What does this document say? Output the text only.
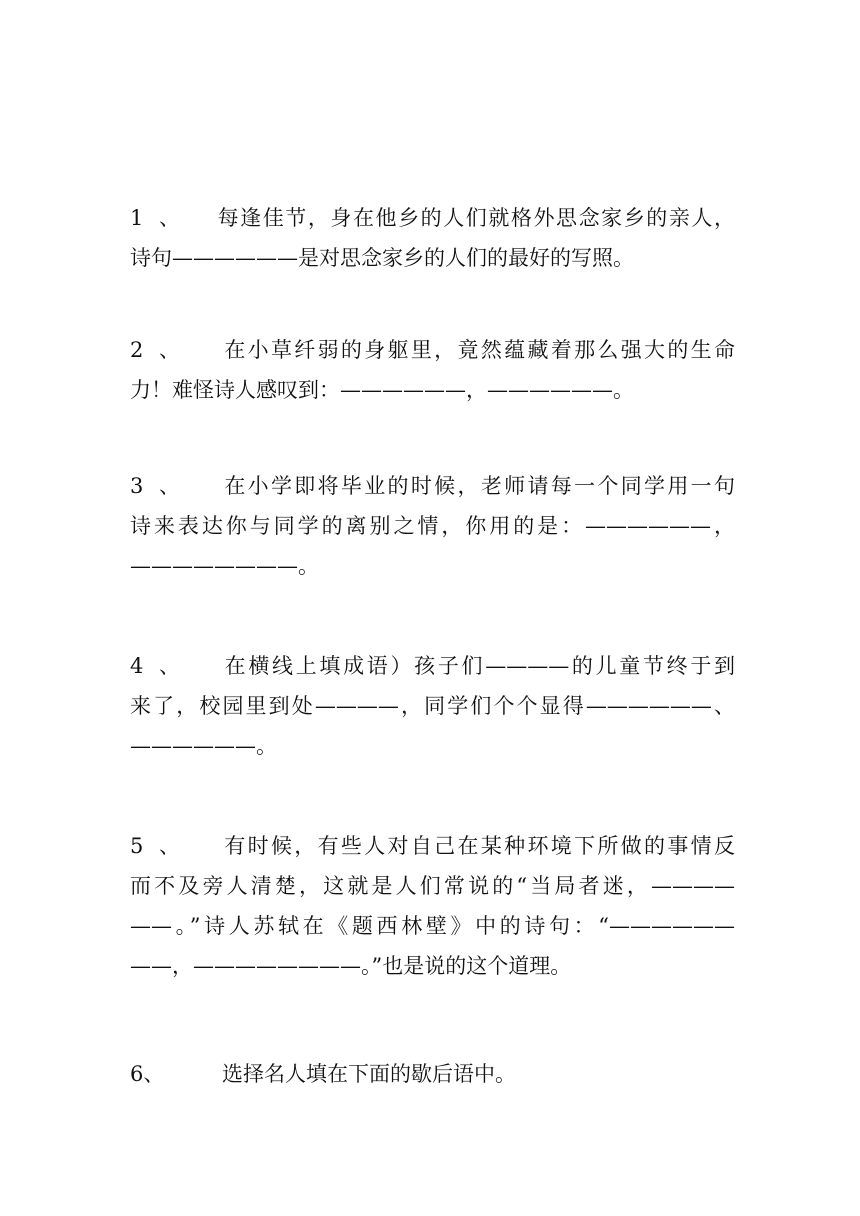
1、 每逢佳节，身在他乡的人们就格外思念家乡的亲人，
诗句——————是对思念家乡的人们的最好的写照。
2、 在小草纤弱的身躯里，竟然蕴藏着那么强大的生命
力！难怪诗人感叹到：——————，——————。
3、 在小学即将毕业的时候，老师请每一个同学用一句
诗来表达你与同学的离别之情，你用的是：——————，
————————。
4、 在横线上填成语）孩子们————的儿童节终于到
来了，校园里到处————，同学们个个显得——————、
——————。
5、 有时候，有些人对自己在某种环境下所做的事情反
而不及旁人清楚，这就是人们常说的“当局者迷，————
——。”诗人苏轼在《题西林壁》中的诗句：“——————
——，————————。”也是说的这个道理。
6、	选择名人填在下面的歇后语中。
